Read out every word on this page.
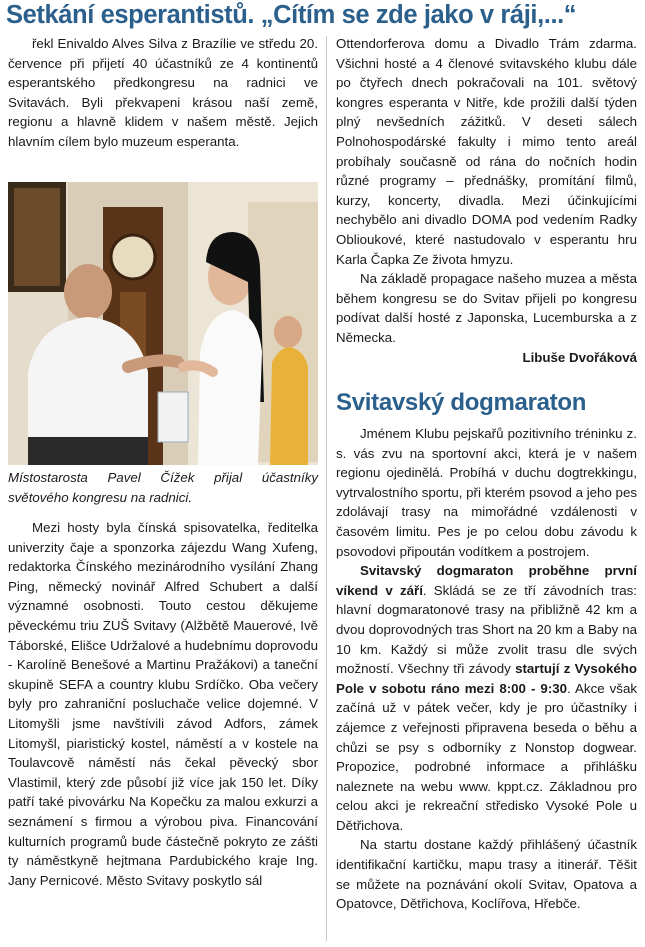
Setkání esperantistů. „Cítím se zde jako v ráji,...“

řekl Enivaldo Alves Silva z Brazílie ve středu 20. července při přijetí 40 účastníků ze 4 kontinentů esperantského předkongresu na radnici ve Svitavách. Byli překvapeni krásou naší země, regionu a hlavně klidem v našem městě. Jejich hlavním cílem bylo muzeum esperanta.

Místostarosta Pavel Čížek přijal účastníky světového kongresu na radnici.

Mezi hosty byla čínská spisovatelka, ředitelka univerzity čaje a sponzorka zájezdu Wang Xufeng, redaktorka Čínského mezinárodního vysílání Zhang Ping, německý novinář Alfred Schubert a další významné osobnosti. Touto cestou děkujeme pěveckému triu ZUŠ Svitavy (Alžbětě Mauerové, Ivě Táborské, Elišce Udržalové a hudebnímu doprovodu - Karolíně Benešové a Martinu Pražákovi) a taneční skupině SEFA a country klubu Srdíčko. Oba večery byly pro zahraniční posluchače velice dojemné. V Litomyšli jsme navštívili závod Adfors, zámek Litomyšl, piaristický kostel, náměstí a v kostele na Toulavcově náměstí nás čekal pěvecký sbor Vlastimil, který zde působí již více jak 150 let. Díky patří také pivovárku Na Kopečku za malou exkurzi a seznámení s firmou a výrobou piva. Financování kulturních programů bude částečně pokryto ze zášti ty náměstkyně hejtmana Pardubického kraje Ing. Jany Pernicové. Město Svitavy poskytlo sál

Ottendorferova domu a Divadlo Trám zdarma. Všichni hosté a 4 členové svitavského klubu dále po čtyřech dnech pokračovali na 101. světový kongres esperanta v Nitře, kde prožili další týden plný nevšedních zážitků. V deseti sálech Polnohospodárské fakulty i mimo tento areál probíhaly současně od rána do nočních hodin různé programy – přednášky, promítání filmů, kurzy, koncerty, divadla. Mezi účinkujícími nechybělo ani divadlo DOMA pod vedením Radky Oblioukové, které nastudovalo v esperantu hru Karla Čapka Ze života hmyzu.

Na základě propagace našeho muzea a města během kongresu se do Svitav přijeli po kongresu podívat další hosté z Japonska, Lucemburska a z Německa.

Libuše Dvořáková

Svitavský dogmaraton

Jménem Klubu pejskařů pozitivního tréninku z. s. vás zvu na sportovní akci, která je v našem regionu ojedinělá. Probíhá v duchu dogtrekkingu, vytrvalostního sportu, při kterém psovod a jeho pes zdolávají trasy na mimořádné vzdálenosti v časovém limitu. Pes je po celou dobu závodu k psovodovi připoután vodítkem a postrojem.

Svitavský dogmaraton proběhne první víkend v září. Skládá se ze tří závodních tras: hlavní dogmaratonové trasy na přibližně 42 km a dvou doprovodných tras Short na 20 km a Baby na 10 km. Každý si může zvolit trasu dle svých možností. Všechny tři závody startují z Vysokého Pole v sobotu ráno mezi 8:00 - 9:30. Akce však začíná už v pátek večer, kdy je pro účastníky i zájemce z veřejnosti připravena beseda o běhu a chůzi se psy s odborníky z Nonstop dogwear. Propozice, podrobné informace a přihlášku naleznete na webu www. kppt.cz. Základnou pro celou akci je rekreační středisko Vysoké Pole u Dětřichova.

Na startu dostane každý přihlášený účastník identifikační kartičku, mapu trasy a itinerář. Těšit se můžete na poznávání okolí Svitav, Opatova a Opatovce, Dětřichova, Koclířova, Hřebče.
